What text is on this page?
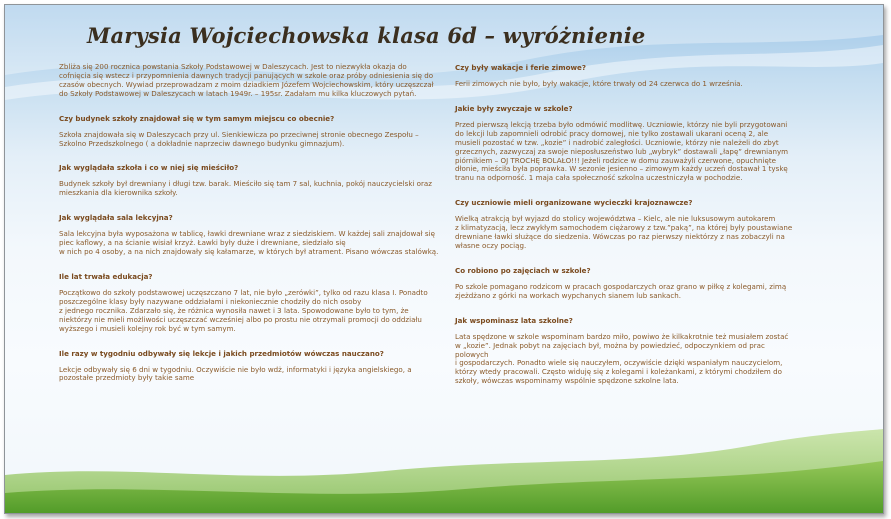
Marysia Wojciechowska klasa 6d – wyróżnienie

Zbliża się 200 rocznica powstania Szkoły Podstawowej w Daleszycach. Jest to niezwykła okazja do cofnięcia się wstecz i przypomnienia dawnych tradycji panujących w szkole oraz próby odniesienia się do czasów obecnych. Wywiad przeprowadzam z moim dziadkiem Józefem Wojciechowskim, który uczęszczał do Szkoły Podstawowej w Daleszycach w latach 1949r. – 195sr. Zadałam mu kilka kluczowych pytań.

Czy budynek szkoły znajdował się w tym samym miejscu co obecnie?

Szkoła znajdowała się w Daleszycach przy ul. Sienkiewicza po przeciwnej stronie obecnego Zespołu – Szkolno Przedszkolnego ( a dokładnie naprzeciw dawnego budynku gimnazjum).

Jak wyglądała szkoła i co w niej się mieściło?

Budynek szkoły był drewniany i długi tzw. barak. Mieściło się tam 7 sal, kuchnia, pokój nauczycielski oraz mieszkania dla kierownika szkoły.

Jak wyglądała sala lekcyjna?

Sala lekcyjna była wyposażona w tablicę, ławki drewniane wraz z siedziskiem. W każdej sali znajdował się piec kaflowy, a na ścianie wisiał krzyż. Ławki były duże i drewniane, siedziało się
w nich po 4 osoby, a na nich znajdowały się kałamarze, w których był atrament. Pisano wówczas stalówką.

Ile lat trwała edukacja?

Początkowo do szkoły podstawowej uczęszczano 7 lat, nie było „zerówki”, tylko od razu klasa I. Ponadto poszczególne klasy były nazywane oddziałami i niekoniecznie chodziły do nich osoby
z jednego rocznika. Zdarzało się, że różnica wynosiła nawet i 3 lata. Spowodowane było to tym, że niektórzy nie mieli możliwości uczęszczać wcześniej albo po prostu nie otrzymali promocji do oddziału wyższego i musieli kolejny rok być w tym samym.

Ile razy w tygodniu odbywały się lekcje i jakich przedmiotów wówczas nauczano?

Lekcje odbywały się 6 dni w tygodniu. Oczywiście nie było wdż, informatyki i języka angielskiego, a pozostałe przedmioty były takie same

Czy były wakacje i ferie zimowe?

Ferii zimowych nie było, były wakacje, które trwały od 24 czerwca do 1 września.

Jakie były zwyczaje w szkole?

Przed pierwszą lekcją trzeba było odmówić modlitwę. Uczniowie, którzy nie byli przygotowani do lekcji lub zapomnieli odrobić pracy domowej, nie tylko zostawali ukarani oceną 2, ale musieli pozostać w tzw. „kozie” i nadrobić zaległości. Uczniowie, którzy nie należeli do zbyt grzecznych, zazwyczaj za swoje nieposłuszeństwo lub „wybryk” dostawali „łapę” drewnianym piórnikiem – OJ TROCHĘ BOLAŁO!!! Jeżeli rodzice w domu zauważyli czerwone, opuchnięte dłonie, mieściła była poprawka. W sezonie jesienno – zimowym każdy uczeń dostawał 1 tyskę tranu na odporność. 1 maja cała społeczność szkolna uczestniczyła w pochodzie.

Czy uczniowie mieli organizowane wycieczki krajoznawcze?

Wielką atrakcją był wyjazd do stolicy województwa – Kielc, ale nie luksusowym autokarem
z klimatyzacją, lecz zwykłym samochodem ciężarowy z tzw.”paką”, na której były poustawiane drewniane ławki służące do siedzenia. Wówczas po raz pierwszy niektórzy z nas zobaczyli na własne oczy pociąg.

Co robiono po zajęciach w szkole?

Po szkole pomagano rodzicom w pracach gospodarczych oraz grano w piłkę z kolegami, zimą zjeżdżano z górki na workach wypchanych sianem lub sankach.

Jak wspominasz lata szkolne?

Lata spędzone w szkole wspominam bardzo miło, powiwo że kilkakrotnie też musiałem zostać
w „kozie”. Jednak pobyt na zajęciach był, można by powiedzieć, odpoczynkiem od prac polowych
i gospodarczych. Ponadto wiele się nauczyłem, oczywiście dzięki wspaniałym nauczycielom, którzy wtedy pracowali. Często widuję się z kolegami i koleżankami, z którymi chodziłem do szkoły, wówczas wspominamy wspólnie spędzone szkolne lata.
